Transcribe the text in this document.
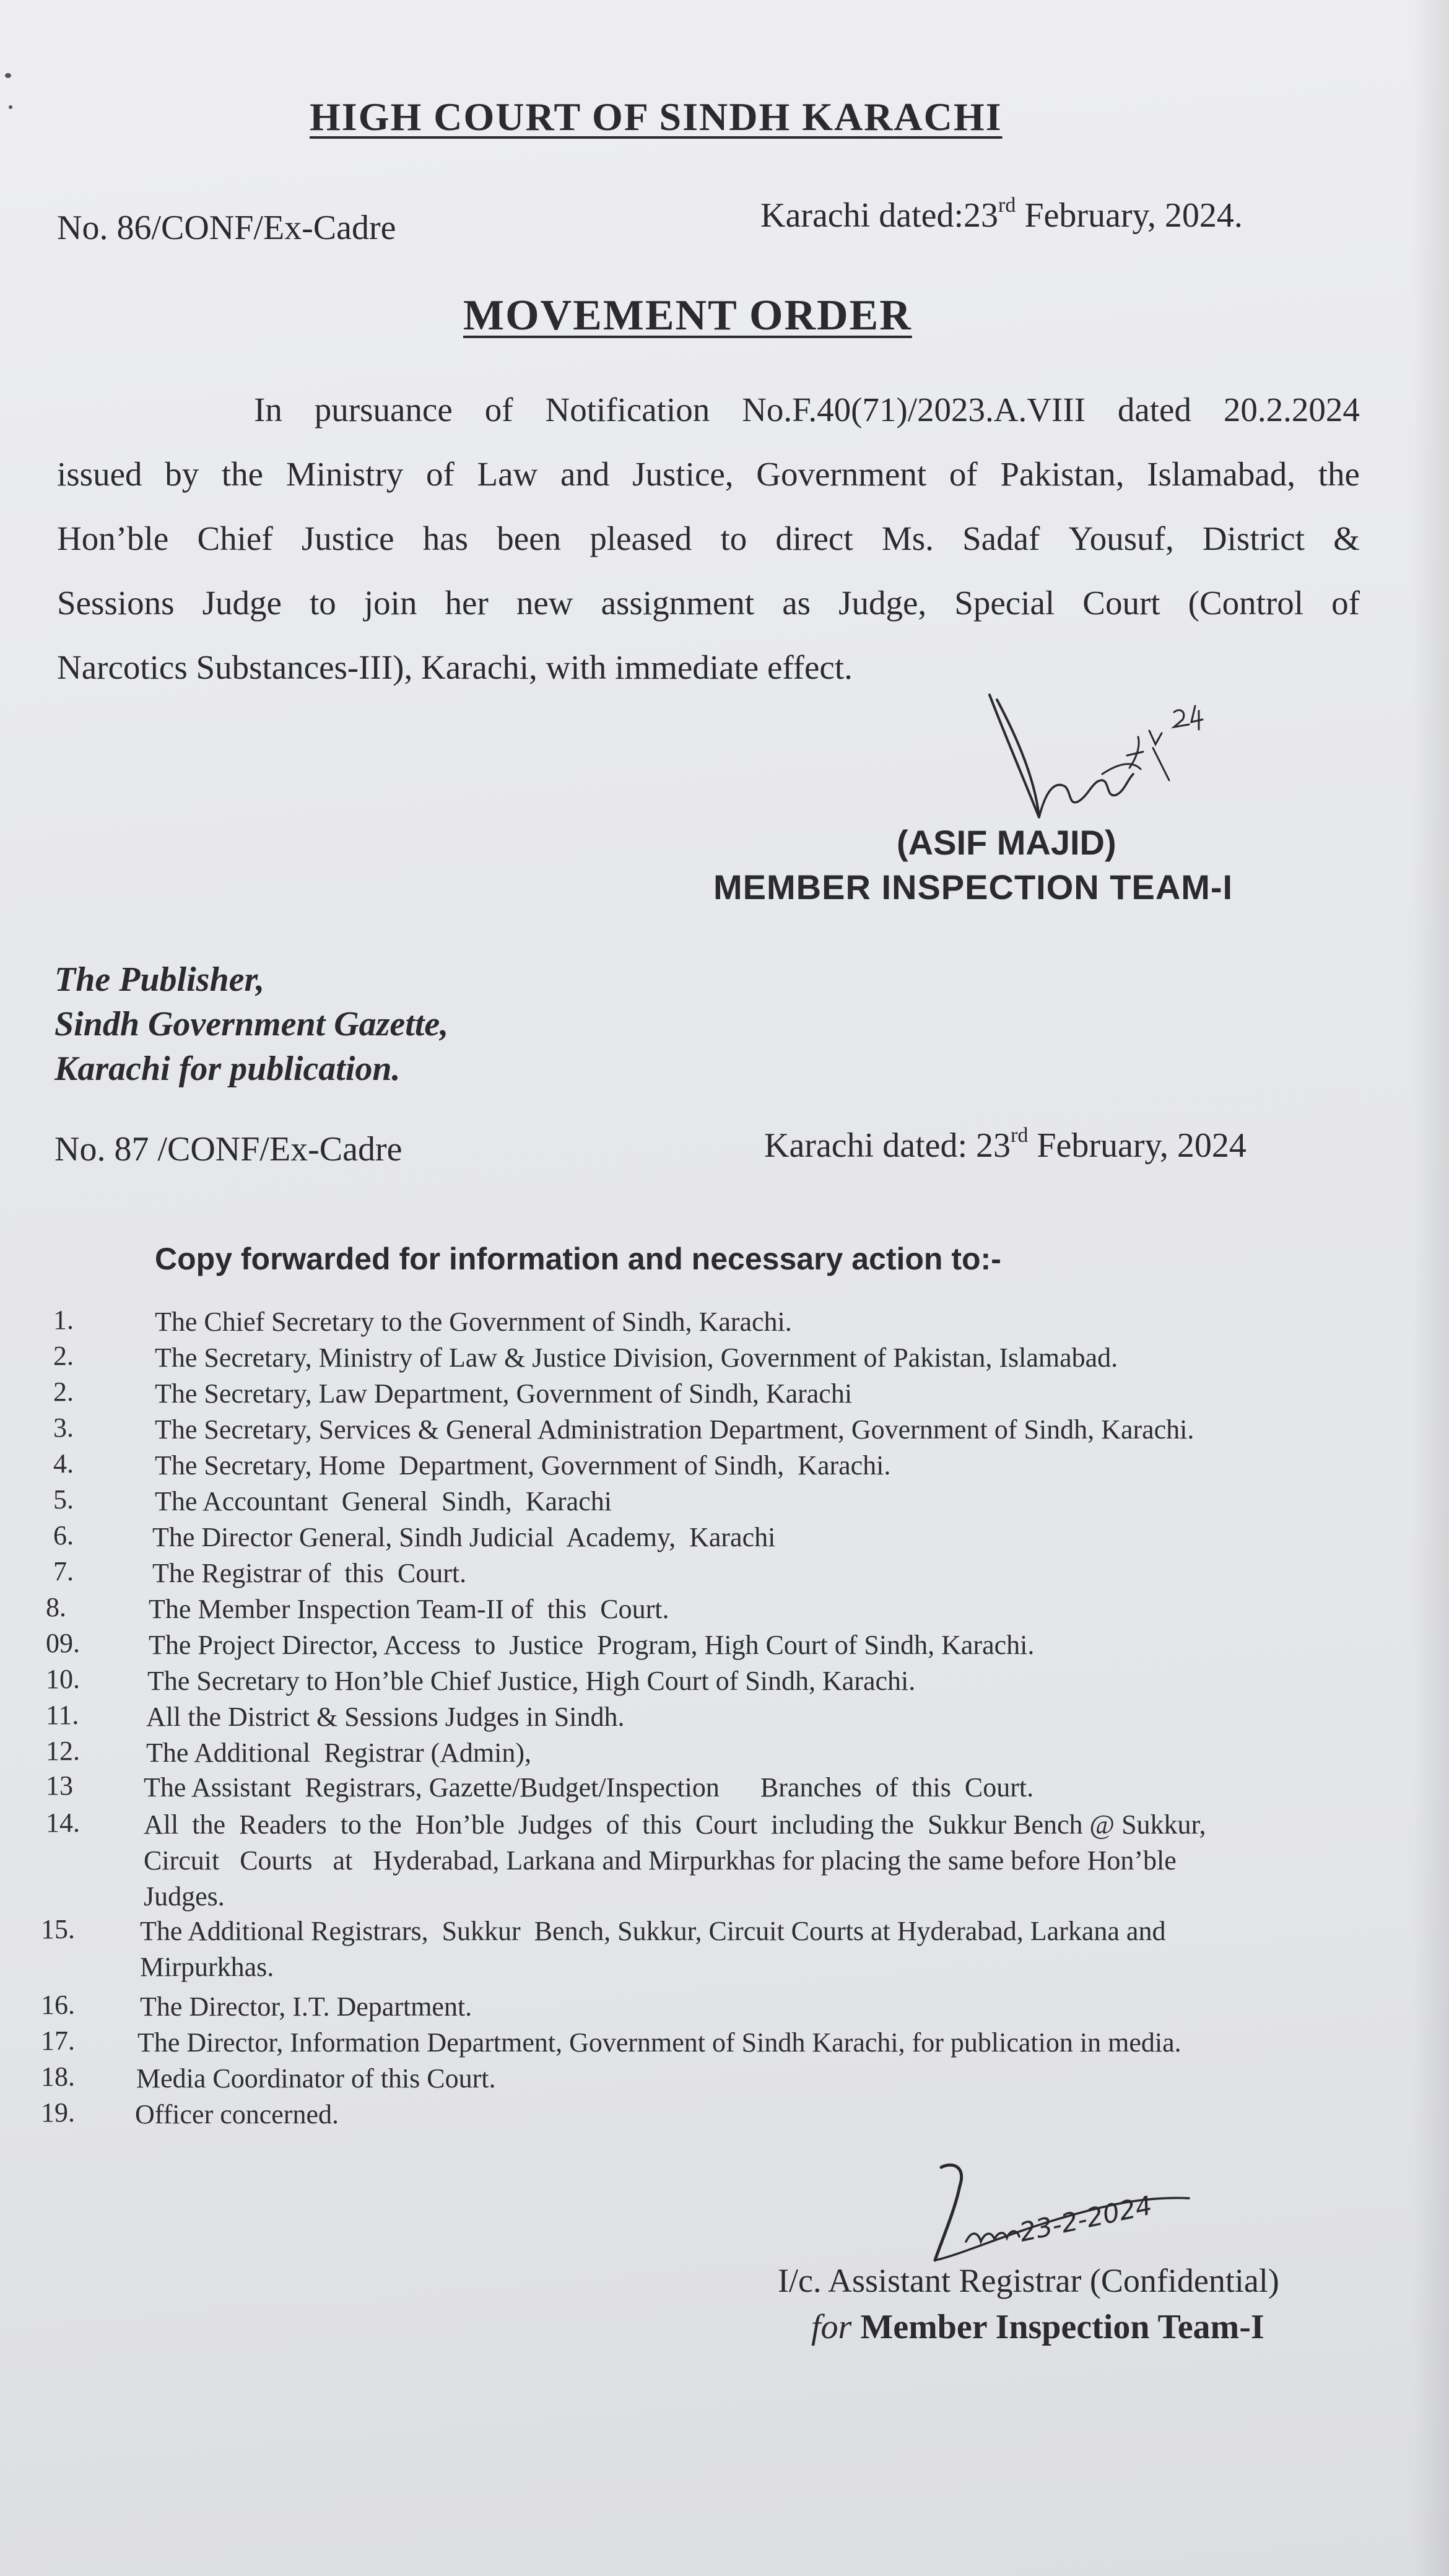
HIGH COURT OF SINDH KARACHI
No. 86/CONF/Ex-Cadre	Karachi dated:23rd February, 2024.
MOVEMENT ORDER
In pursuance of Notification No.F.40(71)/2023.A.VIII dated 20.2.2024
issued by the Ministry of Law and Justice, Government of Pakistan, Islamabad, the
Hon’ble Chief Justice has been pleased to direct Ms. Sadaf Yousuf, District &
Sessions Judge to join her new assignment as Judge, Special Court (Control of
Narcotics Substances-III), Karachi, with immediate effect.
(ASIF MAJID)
MEMBER INSPECTION TEAM-I
The Publisher,
Sindh Government Gazette,
Karachi for publication.
No. 87 /CONF/Ex-Cadre	Karachi dated: 23rd February, 2024
Copy forwarded for information and necessary action to:-
1.	The Chief Secretary to the Government of Sindh, Karachi.
2.	The Secretary, Ministry of Law & Justice Division, Government of Pakistan, Islamabad.
2.	The Secretary, Law Department, Government of Sindh, Karachi
3.	The Secretary, Services & General Administration Department, Government of Sindh, Karachi.
4.	The Secretary, Home  Department, Government of Sindh,  Karachi.
5.	The Accountant  General  Sindh,  Karachi
6.	The Director General, Sindh Judicial  Academy,  Karachi
7.	The Registrar of  this  Court.
8.	The Member Inspection Team-II of  this  Court.
09.	The Project Director, Access  to  Justice  Program, High Court of Sindh, Karachi.
10. The Secretary to Hon’ble Chief Justice, High Court of Sindh, Karachi.
11. All the District & Sessions Judges in Sindh.
12. The Additional  Registrar (Admin),
13	The Assistant  Registrars, Gazette/Budget/Inspection      Branches  of  this  Court.
14. All  the  Readers  to the  Hon’ble  Judges  of  this  Court  including the  Sukkur Bench @ Sukkur,
Circuit   Courts   at   Hyderabad, Larkana and Mirpurkhas for placing the same before Hon’ble
Judges.
15. The Additional Registrars,  Sukkur  Bench, Sukkur, Circuit Courts at Hyderabad, Larkana and
Mirpurkhas.
16. The Director, I.T. Department.
17. The Director, Information Department, Government of Sindh Karachi, for publication in media.
18. Media Coordinator of this Court.
19. Officer concerned.
23-2-2024
I/c. Assistant Registrar (Confidential)
for Member Inspection Team-I
